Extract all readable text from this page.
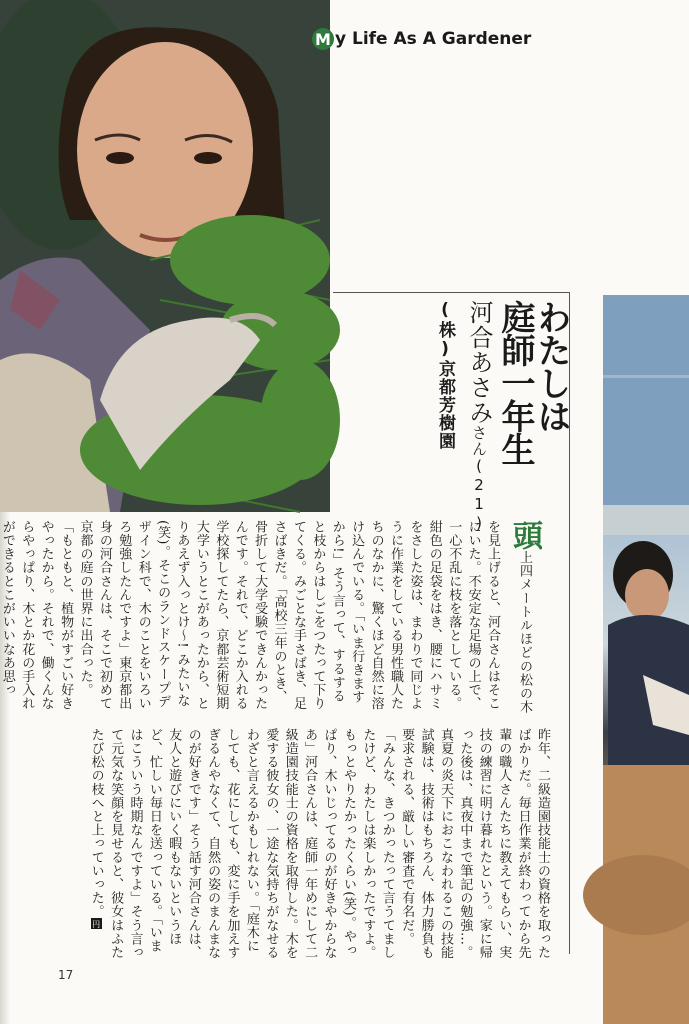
M y Life As A Gardener
わたしは
庭師一年生
河合あさみさん(21)
(株)京都芳樹園

頭上四メートルほどの松の木を見上げると、河合さんはそこにいた。不安定な足場の上で、一心不乱に枝を落としている。紺色の足袋をはき、腰にハサミをさした姿は、まわりで同じように作業をしている男性職人たちのなかに、驚くほど自然に溶け込んでいる。「いま行きますから!」そう言って、するすると枝からはしごをつたって下りてくる。みごとな手さばき、足さばきだ。「高校三年のとき、骨折して大学受験できんかったんです。それで、どこか入れる学校探してたら、京都芸術短期大学いうとこがあったから、とりあえず入っとけ〜! みたいな(笑)。そこのランドスケープデザイン科で、木のことをいろいろ勉強したんですよ」東京都出身の河合さんは、そこで初めて京都の庭の世界に出合った。「もともと、植物がすごい好きやったから。それで、働くんならやっぱり、木とか花の手入れができるとこがいいなあ思っ

昨年、二級造園技能士の資格を取ったばかりだ。毎日作業が終わってから先輩の職人さんたちに教えてもらい、実技の練習に明け暮れたという。家に帰った後は、真夜中まで筆記の勉強…。真夏の炎天下におこなわれるこの技能試験は、技術はもちろん、体力勝負も要求される、厳しい審査で有名だ。「みんな、きつかったって言うてましたけど、わたしは楽しかったですよ。もっとやりたかったくらい(笑)。やっぱり、木いじってるのが好きやからなあ」河合さんは、庭師一年めにして二級造園技能士の資格を取得した。木を愛する彼女の、一途な気持ちがなせるわざと言えるかもしれない。「庭木にしても、花にしても、変に手を加えすぎるんやなくて、自然の姿のまんまなのが好きです」そう話す河合さんは、友人と遊びにいく暇もないというほど、忙しい毎日を送っている。「いまはこういう時期なんですよ」そう言って元気な笑顔を見せると、彼女はふたたび松の枝へと上っていった。円

17
